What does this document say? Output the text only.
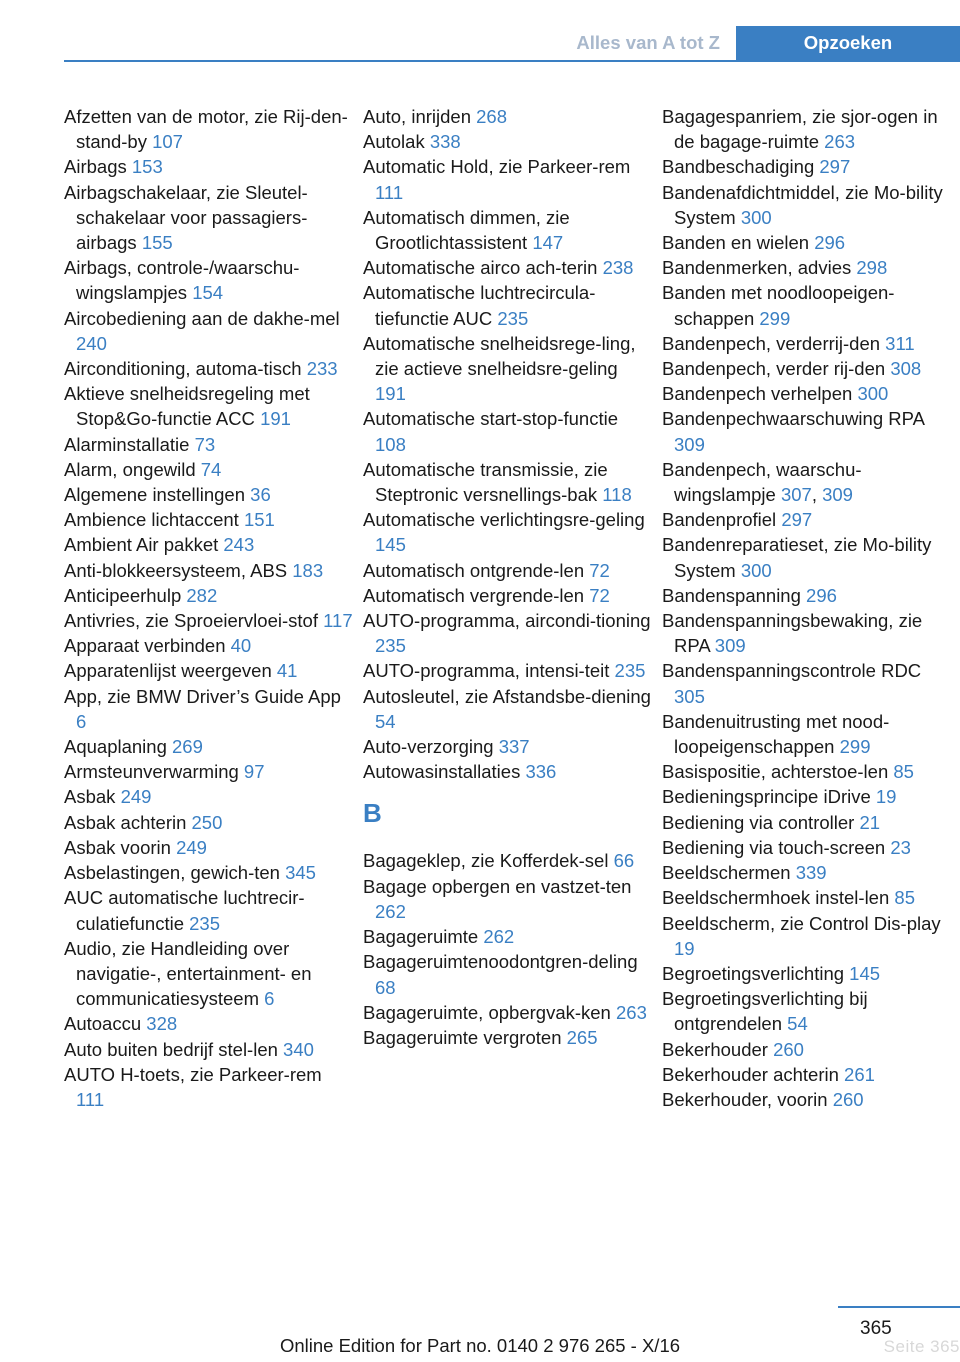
Alles van A tot Z	Opzoeken
Afzetten van de motor, zie Rij-den-stand-by 107
Airbags 153
Airbagschakelaar, zie Sleutel-schakelaar voor passagiers-airbags 155
Airbags, controle-/waarschu-wingslampjes 154
Aircobediening aan de dakhe-mel 240
Airconditioning, automa-tisch 233
Aktieve snelheidsregeling met Stop&Go-functie ACC 191
Alarminstallatie 73
Alarm, ongewild 74
Algemene instellingen 36
Ambience lichtaccent 151
Ambient Air pakket 243
Anti-blokkeersysteem, ABS 183
Anticipeerhulp 282
Antivries, zie Sproeiervloei-stof 117
Apparaat verbinden 40
Apparatenlijst weergeven 41
App, zie BMW Driver’s Guide App 6
Aquaplaning 269
Armsteunverwarming 97
Asbak 249
Asbak achterin 250
Asbak voorin 249
Asbelastingen, gewich-ten 345
AUC automatische luchtrecir-culatiefunctie 235
Audio, zie Handleiding over navigatie-, entertainment- en communicatiesysteem 6
Autoaccu 328
Auto buiten bedrijf stel-len 340
AUTO H-toets, zie Parkeer-rem 111
Auto, inrijden 268
Autolak 338
Automatic Hold, zie Parkeer-rem 111
Automatisch dimmen, zie Grootlichtassistent 147
Automatische airco ach-terin 238
Automatische luchtrecircula-tiefunctie AUC 235
Automatische snelheidsrege-ling, zie actieve snelheidsre-geling 191
Automatische start-stop-functie 108
Automatische transmissie, zie Steptronic versnellings-bak 118
Automatische verlichtingsre-geling 145
Automatisch ontgrende-len 72
Automatisch vergrende-len 72
AUTO-programma, aircondi-tioning 235
AUTO-programma, intensi-teit 235
Autosleutel, zie Afstandsbe-diening 54
Auto-verzorging 337
Autowasinstallaties 336
B
Bagageklep, zie Kofferdek-sel 66
Bagage opbergen en vastzet-ten 262
Bagageruimte 262
Bagageruimtenoodontgren-deling 68
Bagageruimte, opbergvak-ken 263
Bagageruimte vergroten 265
Bagagespanriem, zie sjor-ogen in de bagage-ruimte 263
Bandbeschadiging 297
Bandenafdichtmiddel, zie Mo-bility System 300
Banden en wielen 296
Bandenmerken, advies 298
Banden met noodloopeigen-schappen 299
Bandenpech, verderrij-den 311
Bandenpech, verder rij-den 308
Bandenpech verhelpen 300
Bandenpechwaarschuwing RPA 309
Bandenpech, waarschu-wingslampje 307, 309
Bandenprofiel 297
Bandenreparatieset, zie Mo-bility System 300
Bandenspanning 296
Bandenspanningsbewaking, zie RPA 309
Bandenspanningscontrole RDC 305
Bandenuitrusting met nood-loopeigenschappen 299
Basispositie, achterstoe-len 85
Bedieningsprincipe iDrive 19
Bediening via controller 21
Bediening via touch-screen 23
Beeldschermen 339
Beeldschermhoek instel-len 85
Beeldscherm, zie Control Dis-play 19
Begroetingsverlichting 145
Begroetingsverlichting bij ontgrendelen 54
Bekerhouder 260
Bekerhouder achterin 261
Bekerhouder, voorin 260
365
Online Edition for Part no. 0140 2 976 265 - X/16	Seite 365
